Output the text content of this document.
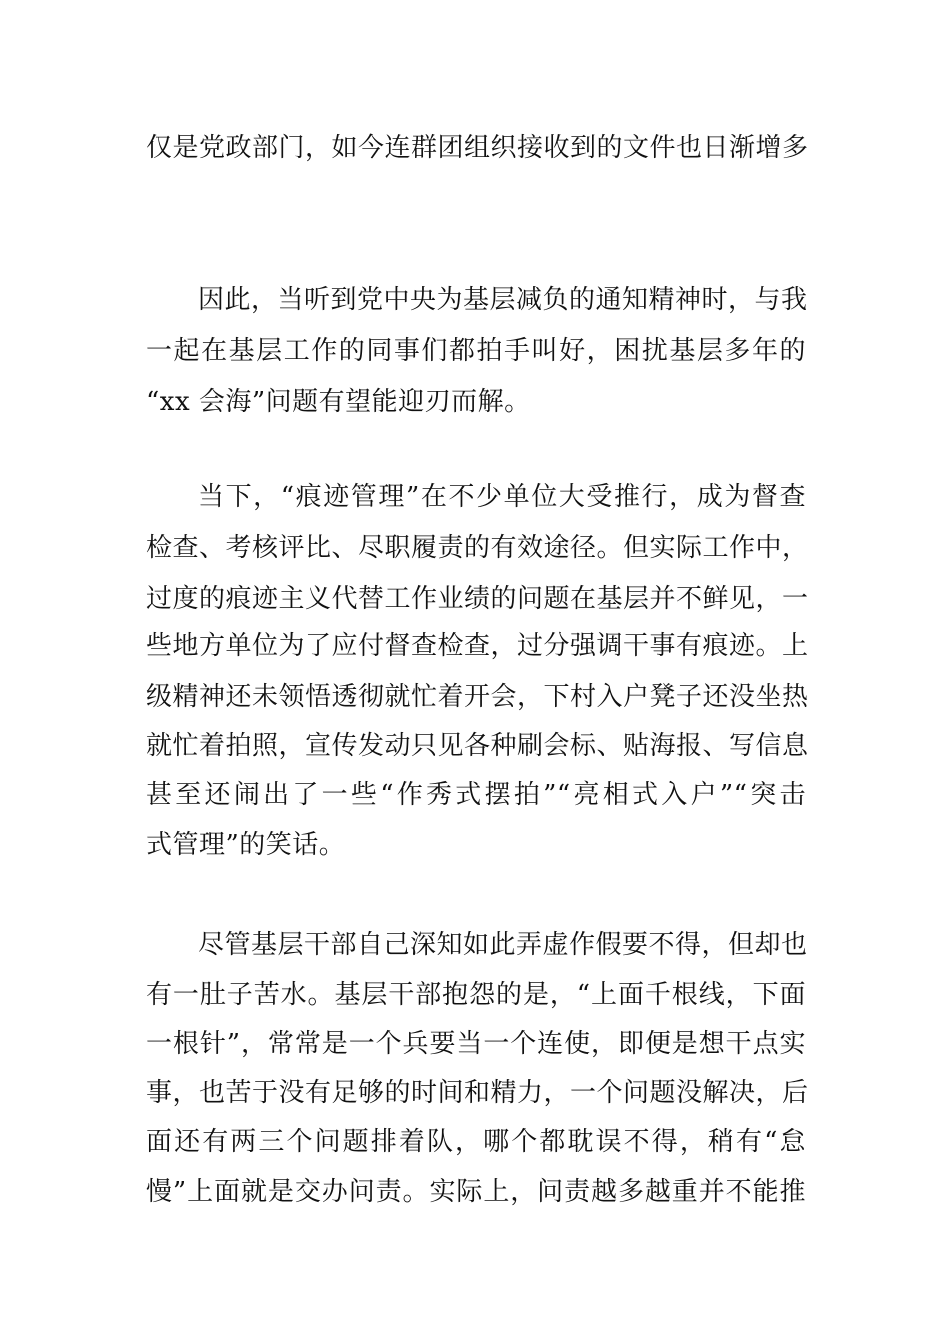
仅是党政部门，如今连群团组织接收到的文件也日渐增多
因此，当听到党中央为基层减负的通知精神时，与我
一起在基层工作的同事们都拍手叫好，困扰基层多年的
“xx 会海”问题有望能迎刃而解。
当下，“痕迹管理”在不少单位大受推行，成为督查
检查、考核评比、尽职履责的有效途径。但实际工作中，
过度的痕迹主义代替工作业绩的问题在基层并不鲜见，一
些地方单位为了应付督查检查，过分强调干事有痕迹。上
级精神还未领悟透彻就忙着开会，下村入户凳子还没坐热
就忙着拍照，宣传发动只见各种刷会标、贴海报、写信息
甚至还闹出了一些“作秀式摆拍”“亮相式入户”“突击
式管理”的笑话。
尽管基层干部自己深知如此弄虚作假要不得，但却也
有一肚子苦水。基层干部抱怨的是，“上面千根线，下面
一根针”，常常是一个兵要当一个连使，即便是想干点实
事，也苦于没有足够的时间和精力，一个问题没解决，后
面还有两三个问题排着队，哪个都耽误不得，稍有“怠
慢”上面就是交办问责。实际上，问责越多越重并不能推
